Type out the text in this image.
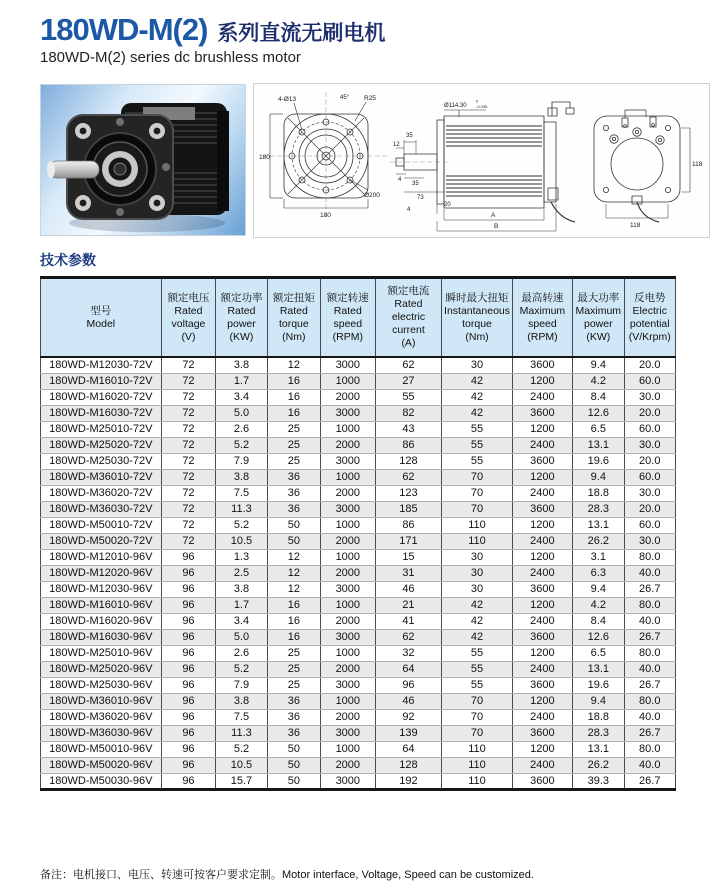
180WD-M(2) 系列直流无刷电机
180WD-M(2) series dc brushless motor
180
180
4-Ø13	45° R25
Ø200
Ø114.30
0
-0.035
35
12
4
35
73
4
20
A
B
118
118
技术参数
型号
Model	额定电压
Rated voltage
(V)	额定功率
Rated power
(KW)	额定扭矩
Rated torque
(Nm)	额定转速
Rated speed
(RPM)	额定电流
Rated electric current
(A)	瞬时最大扭矩
Instantaneous torque
(Nm)	最高转速
Maximum speed
(RPM)	最大功率
Maximum power
(KW)	反电势
Electric potential
(V/Krpm)

180WD-M12030-72V	72	3.8	12	3000	62	30	3600	9.4	20.0
180WD-M16010-72V	72	1.7	16	1000	27	42	1200	4.2	60.0
180WD-M16020-72V	72	3.4	16	2000	55	42	2400	8.4	30.0
180WD-M16030-72V	72	5.0	16	3000	82	42	3600	12.6	20.0
180WD-M25010-72V	72	2.6	25	1000	43	55	1200	6.5	60.0
180WD-M25020-72V	72	5.2	25	2000	86	55	2400	13.1	30.0
180WD-M25030-72V	72	7.9	25	3000	128	55	3600	19.6	20.0
180WD-M36010-72V	72	3.8	36	1000	62	70	1200	9.4	60.0
180WD-M36020-72V	72	7.5	36	2000	123	70	2400	18.8	30.0
180WD-M36030-72V	72	11.3	36	3000	185	70	3600	28.3	20.0
180WD-M50010-72V	72	5.2	50	1000	86	110	1200	13.1	60.0
180WD-M50020-72V	72	10.5	50	2000	171	110	2400	26.2	30.0
180WD-M12010-96V	96	1.3	12	1000	15	30	1200	3.1	80.0
180WD-M12020-96V	96	2.5	12	2000	31	30	2400	6.3	40.0
180WD-M12030-96V	96	3.8	12	3000	46	30	3600	9.4	26.7
180WD-M16010-96V	96	1.7	16	1000	21	42	1200	4.2	80.0
180WD-M16020-96V	96	3.4	16	2000	41	42	2400	8.4	40.0
180WD-M16030-96V	96	5.0	16	3000	62	42	3600	12.6	26.7
180WD-M25010-96V	96	2.6	25	1000	32	55	1200	6.5	80.0
180WD-M25020-96V	96	5.2	25	2000	64	55	2400	13.1	40.0
180WD-M25030-96V	96	7.9	25	3000	96	55	3600	19.6	26.7
180WD-M36010-96V	96	3.8	36	1000	46	70	1200	9.4	80.0
180WD-M36020-96V	96	7.5	36	2000	92	70	2400	18.8	40.0
180WD-M36030-96V	96	11.3	36	3000	139	70	3600	28.3	26.7
180WD-M50010-96V	96	5.2	50	1000	64	110	1200	13.1	80.0
180WD-M50020-96V	96	10.5	50	2000	128	110	2400	26.2	40.0
180WD-M50030-96V	96	15.7	50	3000	192	110	3600	39.3	26.7
备注：电机接口、电压、转速可按客户要求定制。Motor interface, Voltage, Speed can be customized.
